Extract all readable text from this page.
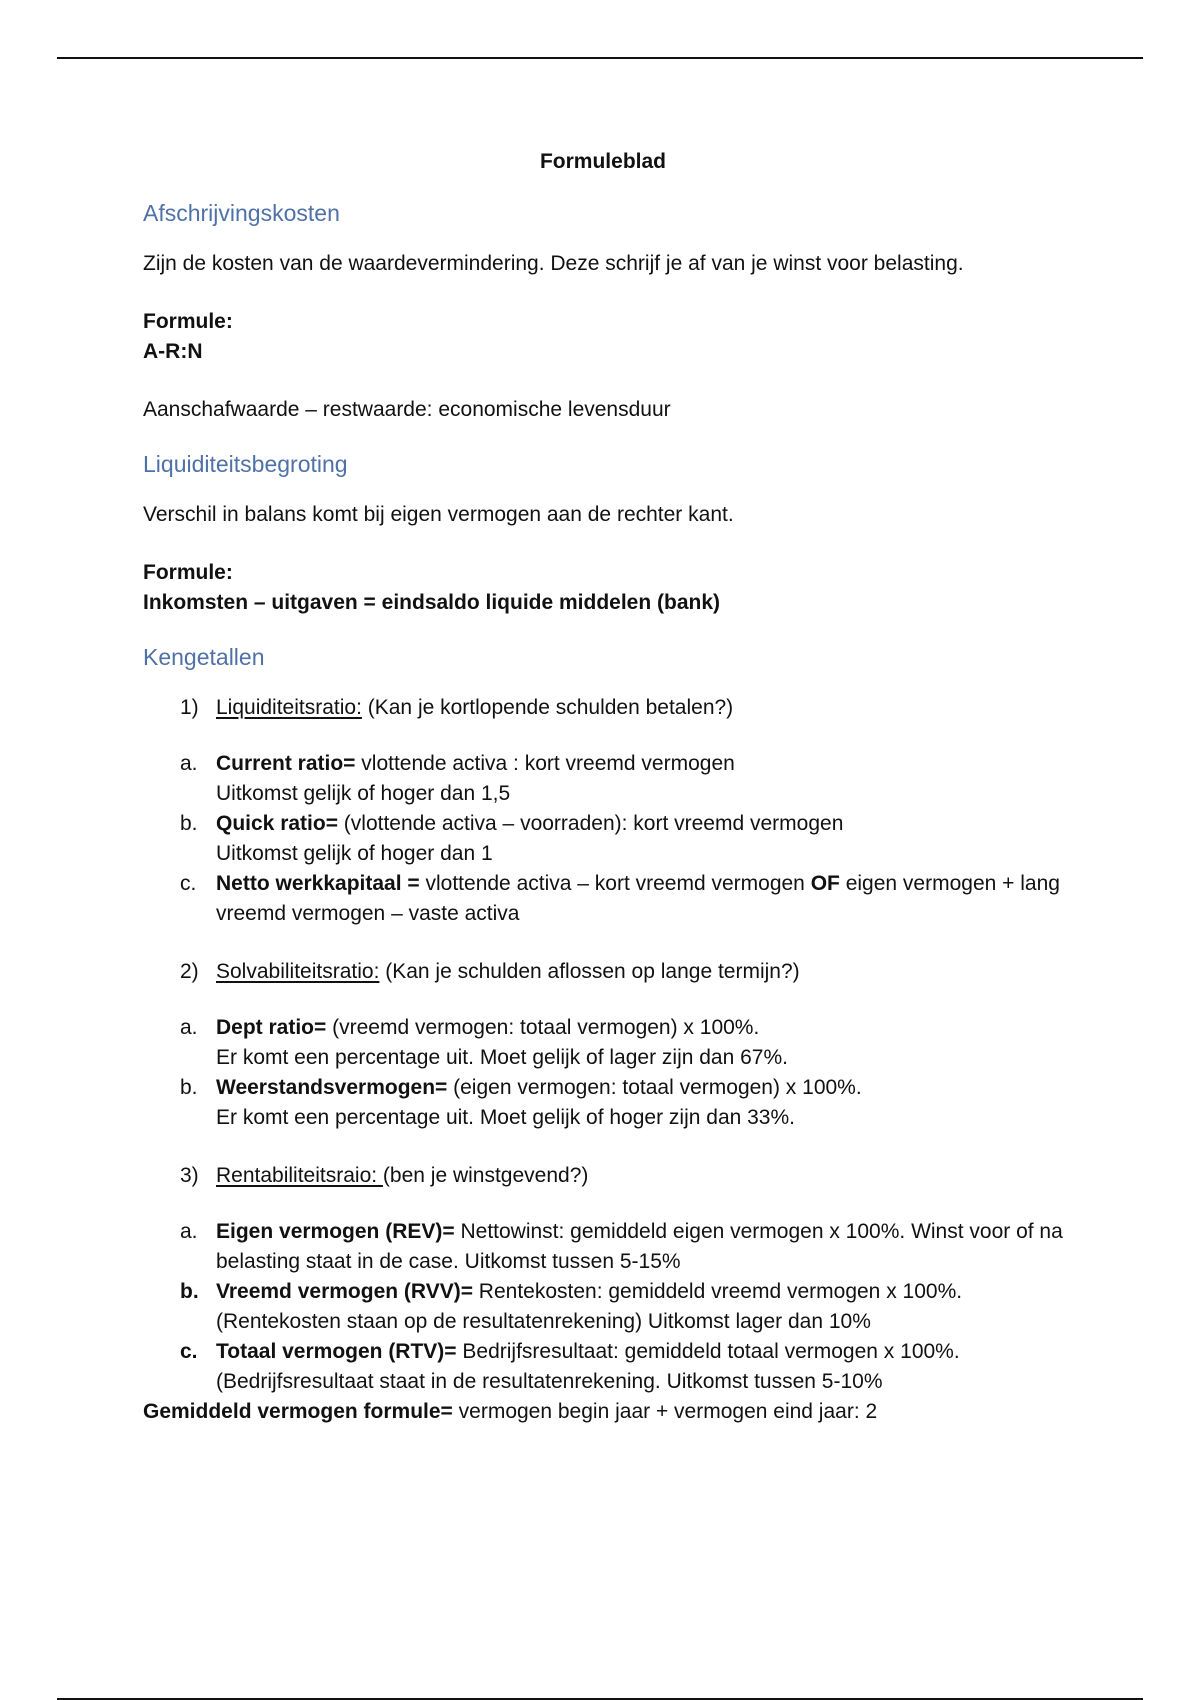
Formuleblad
Afschrijvingskosten

Zijn de kosten van de waardevermindering. Deze schrijf je af van je winst voor belasting.

Formule:

A-R:N

Aanschafwaarde – restwaarde: economische levensduur

Liquiditeitsbegroting

Verschil in balans komt bij eigen vermogen aan de rechter kant.

Formule:

Inkomsten – uitgaven = eindsaldo liquide middelen (bank)

Kengetallen
1) Liquiditeitsratio: (Kan je kortlopende schulden betalen?)
a. Current ratio= vlottende activa : kort vreemd vermogen
Uitkomst gelijk of hoger dan 1,5
b. Quick ratio= (vlottende activa – voorraden): kort vreemd vermogen
Uitkomst gelijk of hoger dan 1
c. Netto werkkapitaal = vlottende activa – kort vreemd vermogen OF eigen vermogen + lang vreemd vermogen – vaste activa
2) Solvabiliteitsratio: (Kan je schulden aflossen op lange termijn?)
a. Dept ratio= (vreemd vermogen: totaal vermogen) x 100%.
Er komt een percentage uit. Moet gelijk of lager zijn dan 67%.
b. Weerstandsvermogen= (eigen vermogen: totaal vermogen) x 100%.
Er komt een percentage uit. Moet gelijk of hoger zijn dan 33%.
3) Rentabiliteitsraio: (ben je winstgevend?)
a. Eigen vermogen (REV)= Nettowinst: gemiddeld eigen vermogen x 100%. Winst voor of na belasting staat in de case. Uitkomst tussen 5-15%
b. Vreemd vermogen (RVV)= Rentekosten: gemiddeld vreemd vermogen x 100%.
(Rentekosten staan op de resultatenrekening) Uitkomst lager dan 10%
c. Totaal vermogen (RTV)= Bedrijfsresultaat: gemiddeld totaal vermogen x 100%.
(Bedrijfsresultaat staat in de resultatenrekening. Uitkomst tussen 5-10%

Gemiddeld vermogen formule= vermogen begin jaar + vermogen eind jaar: 2
